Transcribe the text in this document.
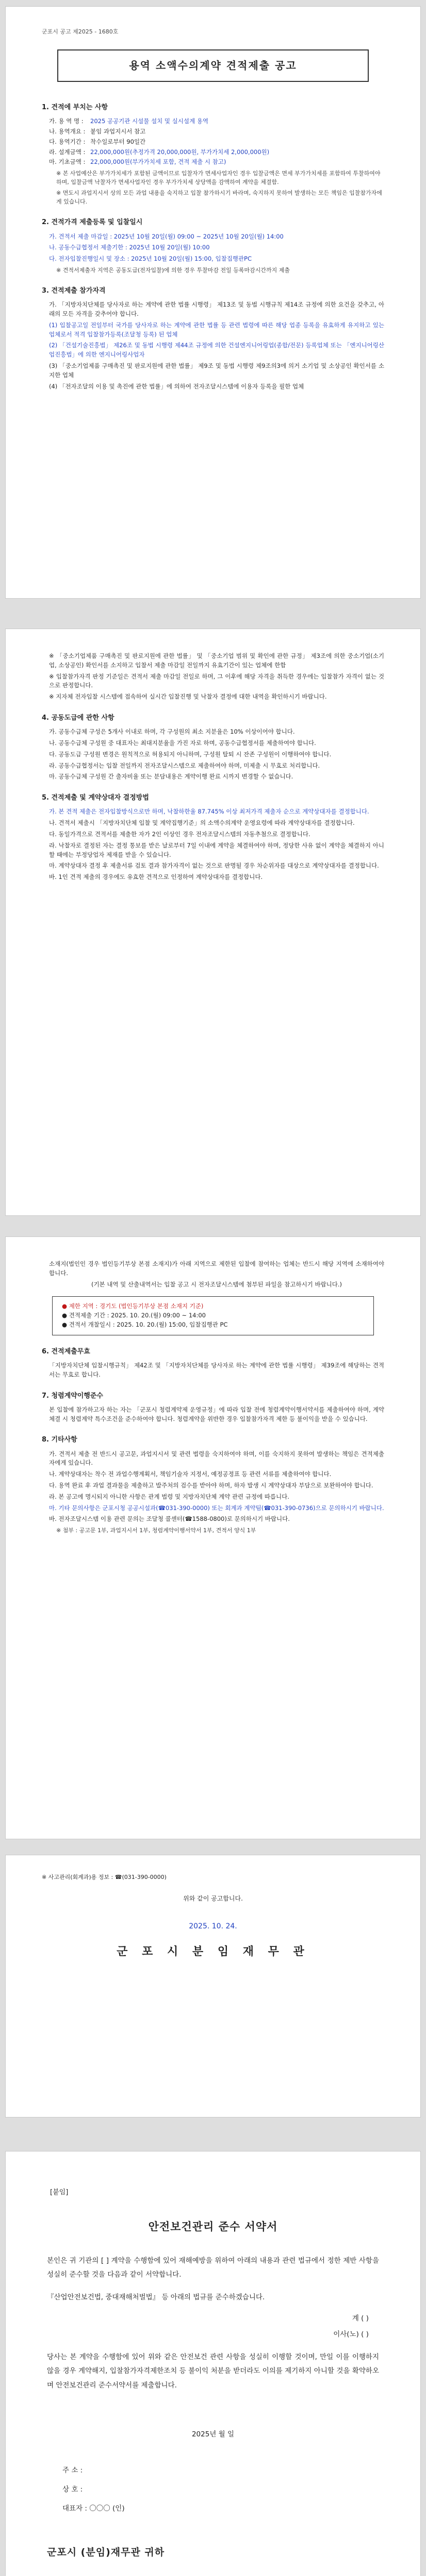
군포시 공고 제2025 - 1680호
용역 소액수의계약 견적제출 공고
1. 견적에 부치는 사항
가. 용 역 명 :	2025 공공기관 시설물 설치 및 실시설계 용역
나. 용역개요 : 붙임 과업지시서 참고
다. 용역기간 : 착수일로부터 90일간
라. 설계금액 : 22,000,000원(추정가격 20,000,000원, 부가가치세 2,000,000원)
마. 기초금액 : 22,000,000원(부가가치세 포함, 견적 제출 시 참고)
※ 본 사업예산은 부가가치세가 포함된 금액이므로 입찰자가 면세사업자인 경우 입찰금액은 면세 부가가치세를 포함하여 투찰하여야 하며, 입찰금액 낙찰자가 면세사업자인 경우 부가가치세 상당액을 감액하여 계약을 체결함.
※ 면도시 과업지시서 상의 모든 과업 내용을 숙지하고 입찰 참가하시기 바라며, 숙지하지 못하여 발생하는 모든 책임은 입찰참가자에게 있습니다.
2. 견적가격 제출등록 및 입찰일시
가. 견적서 제출 마감일 : 2025년 10월 20일(월) 09:00 ~ 2025년 10월 20일(월) 14:00
나. 공동수급협정서 제출기한 : 2025년 10월 20일(월) 10:00
다. 전자입찰진행일시 및 장소 : 2025년 10월 20일(월) 15:00, 입찰집행관PC
※ 견적서제출자 지역은 공동도급(전자입찰)에 의한 경우 투찰마감 전일 등록마감시간까지 제출
3. 견적제출 참가자격
가. 「지방자치단체를 당사자로 하는 계약에 관한 법률 시행령」 제13조 및 동법 시행규칙 제14조 규정에 의한 요건을 갖추고, 아래의 모든 자격을 갖추어야 합니다.
(1) 입찰공고일 전일부터 국가를 당사자로 하는 계약에 관한 법률 등 관련 법령에 따른 해당 업종 등록을 유효하게 유지하고 있는 업체로서 적격 입찰참가등록(조달청 등록) 된 업체
(2) 「건설기술진흥법」 제26조 및 동법 시행령 제44조 규정에 의한 건설엔지니어링업(종합/전문) 등록업체 또는 「엔지니어링산업진흥법」에 의한 엔지니어링사업자
(3) 「중소기업제품 구매촉진 및 판로지원에 관한 법률」 제9조 및 동법 시행령 제9조의3에 의거 소기업 및 소상공인 확인서를 소지한 업체
(4) 「전자조달의 이용 및 촉진에 관한 법률」에 의하여 전자조달시스템에 이용자 등록을 필한 업체
※ 「중소기업제품 구매촉진 및 판로지원에 관한 법률」 및 「중소기업 범위 및 확인에 관한 규정」 제3조에 의한 중소기업(소기업, 소상공인) 확인서를 소지하고 입찰서 제출 마감일 전일까지 유효기간이 있는 업체에 한함
※ 입찰참가자격 판정 기준일은 견적서 제출 마감일 전일로 하며, 그 이후에 해당 자격을 취득한 경우에는 입찰참가 자격이 없는 것으로 판정합니다.
※ 지자체 전자입찰 시스템에 접속하여 실시간 입찰진행 및 낙찰자 결정에 대한 내역을 확인하시기 바랍니다.
4. 공동도급에 관한 사항
가. 공동수급체 구성은 5개사 이내로 하며, 각 구성원의 최소 지분율은 10% 이상이어야 합니다.
나. 공동수급체 구성원 중 대표자는 최대지분율을 가진 자로 하며, 공동수급협정서를 제출하여야 합니다.
다. 공동도급 구성원 변경은 원칙적으로 허용되지 아니하며, 구성원 탈퇴 시 잔존 구성원이 이행하여야 합니다.
라. 공동수급협정서는 입찰 전일까지 전자조달시스템으로 제출하여야 하며, 미제출 시 무효로 처리합니다.
마. 공동수급체 구성원 간 출자비율 또는 분담내용은 계약이행 완료 시까지 변경할 수 없습니다.
5. 견적제출 및 계약상대자 결정방법
가. 본 견적 제출은 전자입찰방식으로만 하며, 낙찰하한율 87.745% 이상 최저가격 제출자 순으로 계약상대자를 결정합니다.
나. 견적서 제출시 「지방자치단체 입찰 및 계약집행기준」의 소액수의계약 운영요령에 따라 계약상대자를 결정합니다.
다. 동일가격으로 견적서를 제출한 자가 2인 이상인 경우 전자조달시스템의 자동추첨으로 결정합니다.
라. 낙찰자로 결정된 자는 결정 통보를 받은 날로부터 7일 이내에 계약을 체결하여야 하며, 정당한 사유 없이 계약을 체결하지 아니할 때에는 부정당업자 제재를 받을 수 있습니다.
마. 계약상대자 결정 후 제출서류 검토 결과 참가자격이 없는 것으로 판명될 경우 차순위자를 대상으로 계약상대자를 결정합니다.
바. 1인 견적 제출의 경우에도 유효한 견적으로 인정하여 계약상대자를 결정합니다.
소재지(법인인 경우 법인등기부상 본점 소재지)가 아래 지역으로 제한된 입찰에 참여하는 업체는 반드시 해당 지역에 소재하여야 합니다.
(기본 내역 및 산출내역서는 입찰 공고 시 전자조달시스템에 첨부된 파일을 참고하시기 바랍니다.)
● 제한 지역 : 경기도 (법인등기부상 본점 소재지 기준)
● 견적제출 기간 : 2025. 10. 20.(월) 09:00 ~ 14:00
● 견적서 개찰일시 : 2025. 10. 20.(월) 15:00, 입찰집행관 PC
6. 견적제출무효
「지방자치단체 입찰시행규칙」 제42조 및 「지방자치단체를 당사자로 하는 계약에 관한 법률 시행령」 제39조에 해당하는 견적서는 무효로 합니다.
7. 청렴계약이행준수
본 입찰에 참가하고자 하는 자는 「군포시 청렴계약제 운영규정」에 따라 입찰 전에 청렴계약이행서약서를 제출하여야 하며, 계약 체결 시 청렴계약 특수조건을 준수하여야 합니다. 청렴계약을 위반한 경우 입찰참가자격 제한 등 불이익을 받을 수 있습니다.
8. 기타사항
가. 견적서 제출 전 반드시 공고문, 과업지시서 및 관련 법령을 숙지하여야 하며, 이를 숙지하지 못하여 발생하는 책임은 견적제출자에게 있습니다.
나. 계약상대자는 착수 전 과업수행계획서, 책임기술자 지정서, 예정공정표 등 관련 서류를 제출하여야 합니다.
다. 용역 완료 후 과업 결과물을 제출하고 발주처의 검수를 받아야 하며, 하자 발생 시 계약상대자 부담으로 보완하여야 합니다.
라. 본 공고에 명시되지 아니한 사항은 관계 법령 및 지방자치단체 계약 관련 규정에 따릅니다.
마. 기타 문의사항은 군포시청 공공시설과(☎031-390-0000) 또는 회계과 계약팀(☎031-390-0736)으로 문의하시기 바랍니다.
바. 전자조달시스템 이용 관련 문의는 조달청 콜센터(☎1588-0800)로 문의하시기 바랍니다.
※ 첨부 : 공고문 1부, 과업지시서 1부, 청렴계약이행서약서 1부, 견적서 양식 1부
※ 사고관리(회계과)용 정보 : ☎(031-390-0000)
위와 같이 공고합니다.
2025. 10. 24.
군 포 시 분 임 재 무 관
[붙임]
안전보건관리 준수 서약서
본인은 귀 기관의 [ ] 계약을 수행함에 있어 재해예방을 위하여 아래의 내용과 관련 법규에서 정한 제반 사항을 성실히 준수할 것을 다음과 같이 서약합니다.
『산업안전보건법, 중대재해처벌법』 등 아래의 법규를 준수하겠습니다.
계 ( )
이사(노) ( )
당사는 본 계약을 수행함에 있어 위와 같은 안전보건 관련 사항을 성실히 이행할 것이며, 만일 이를 이행하지 않을 경우 계약해지, 입찰참가자격제한조치 등 불이익 처분을 받더라도 이의를 제기하지 아니할 것을 확약하오며 안전보건관리 준수서약서를 제출합니다.
2025년 월 일
주 소 :
상 호 :
대표자 : 〇〇〇 (인)
군포시 (분임)재무관 귀하
